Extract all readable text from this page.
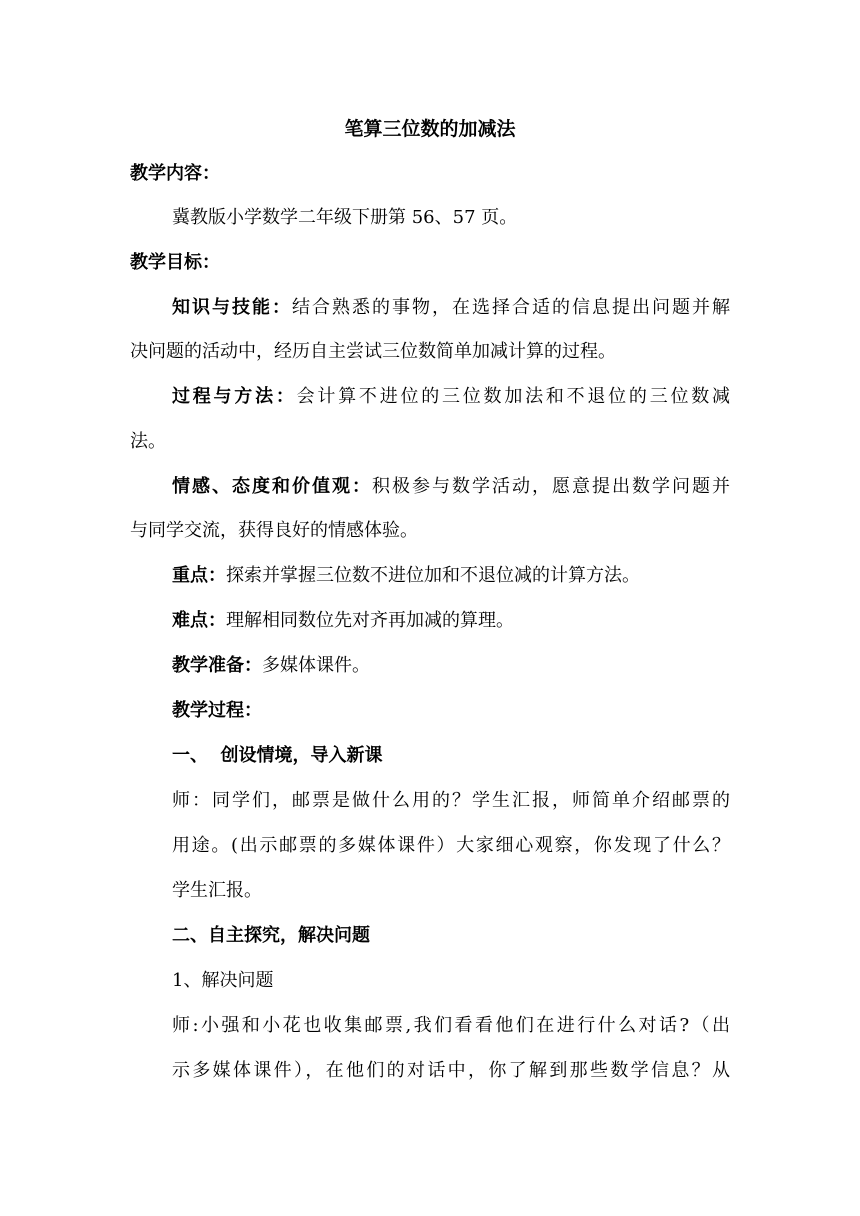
笔算三位数的加减法
教学内容：
冀教版小学数学二年级下册第 56、57 页。
教学目标：
知识与技能：结合熟悉的事物，在选择合适的信息提出问题并解
决问题的活动中，经历自主尝试三位数简单加减计算的过程。
过程与方法：会计算不进位的三位数加法和不退位的三位数减
法。
情感、态度和价值观：积极参与数学活动，愿意提出数学问题并
与同学交流，获得良好的情感体验。
重点：探索并掌握三位数不进位加和不退位减的计算方法。
难点：理解相同数位先对齐再加减的算理。
教学准备：多媒体课件。
教学过程：
一、  创设情境，导入新课
师：同学们，邮票是做什么用的？学生汇报，师简单介绍邮票的
用途。(出示邮票的多媒体课件）大家细心观察，你发现了什么？
学生汇报。
二、自主探究，解决问题
1、解决问题
师:小强和小花也收集邮票,我们看看他们在进行什么对话?（出
示多媒体课件），在他们的对话中，你了解到那些数学信息？从
